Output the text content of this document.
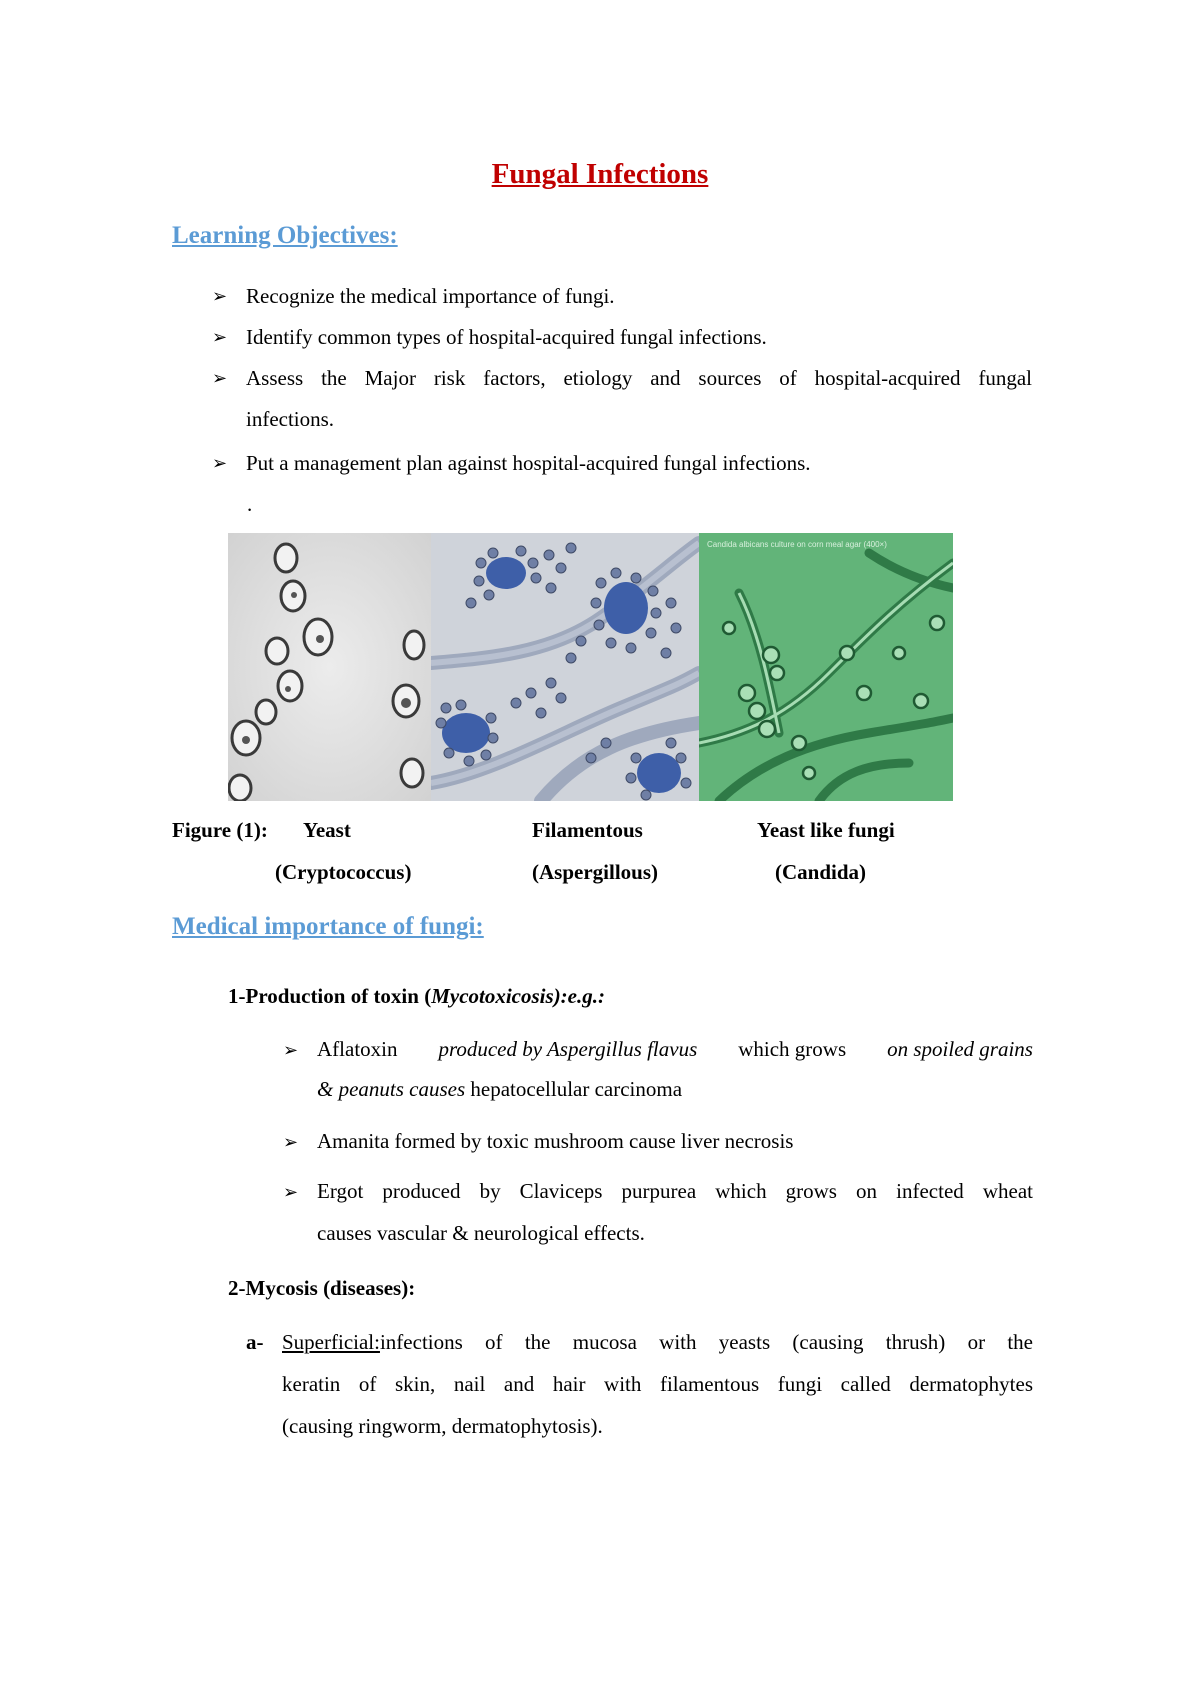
Fungal Infections
Learning Objectives:
➢ Recognize the medical importance of fungi.
➢ Identify common types of hospital-acquired fungal infections.
➢ Assess the Major risk factors, etiology and sources of hospital-acquired fungal
infections.
➢ Put a management plan against hospital-acquired fungal infections.
.
Candida albicans culture on corn meal agar (400×)
Figure (1): Yeast	Filamentous	Yeast like fungi
(Cryptococcus)	(Aspergillous)	(Candida)
Medical importance of fungi:
1-Production of toxin (Mycotoxicosis):e.g.:
➢ Aflatoxin produced by Aspergillus flavus which grows on spoiled grains
& peanuts causes hepatocellular carcinoma
➢ Amanita formed by toxic mushroom cause liver necrosis
➢ Ergot produced by Claviceps purpurea which grows on infected wheat
causes vascular & neurological effects.
2-Mycosis (diseases):
a- Superficial: infections of the mucosa with yeasts (causing thrush) or the
keratin of skin, nail and hair with filamentous fungi called dermatophytes
(causing ringworm, dermatophytosis).
